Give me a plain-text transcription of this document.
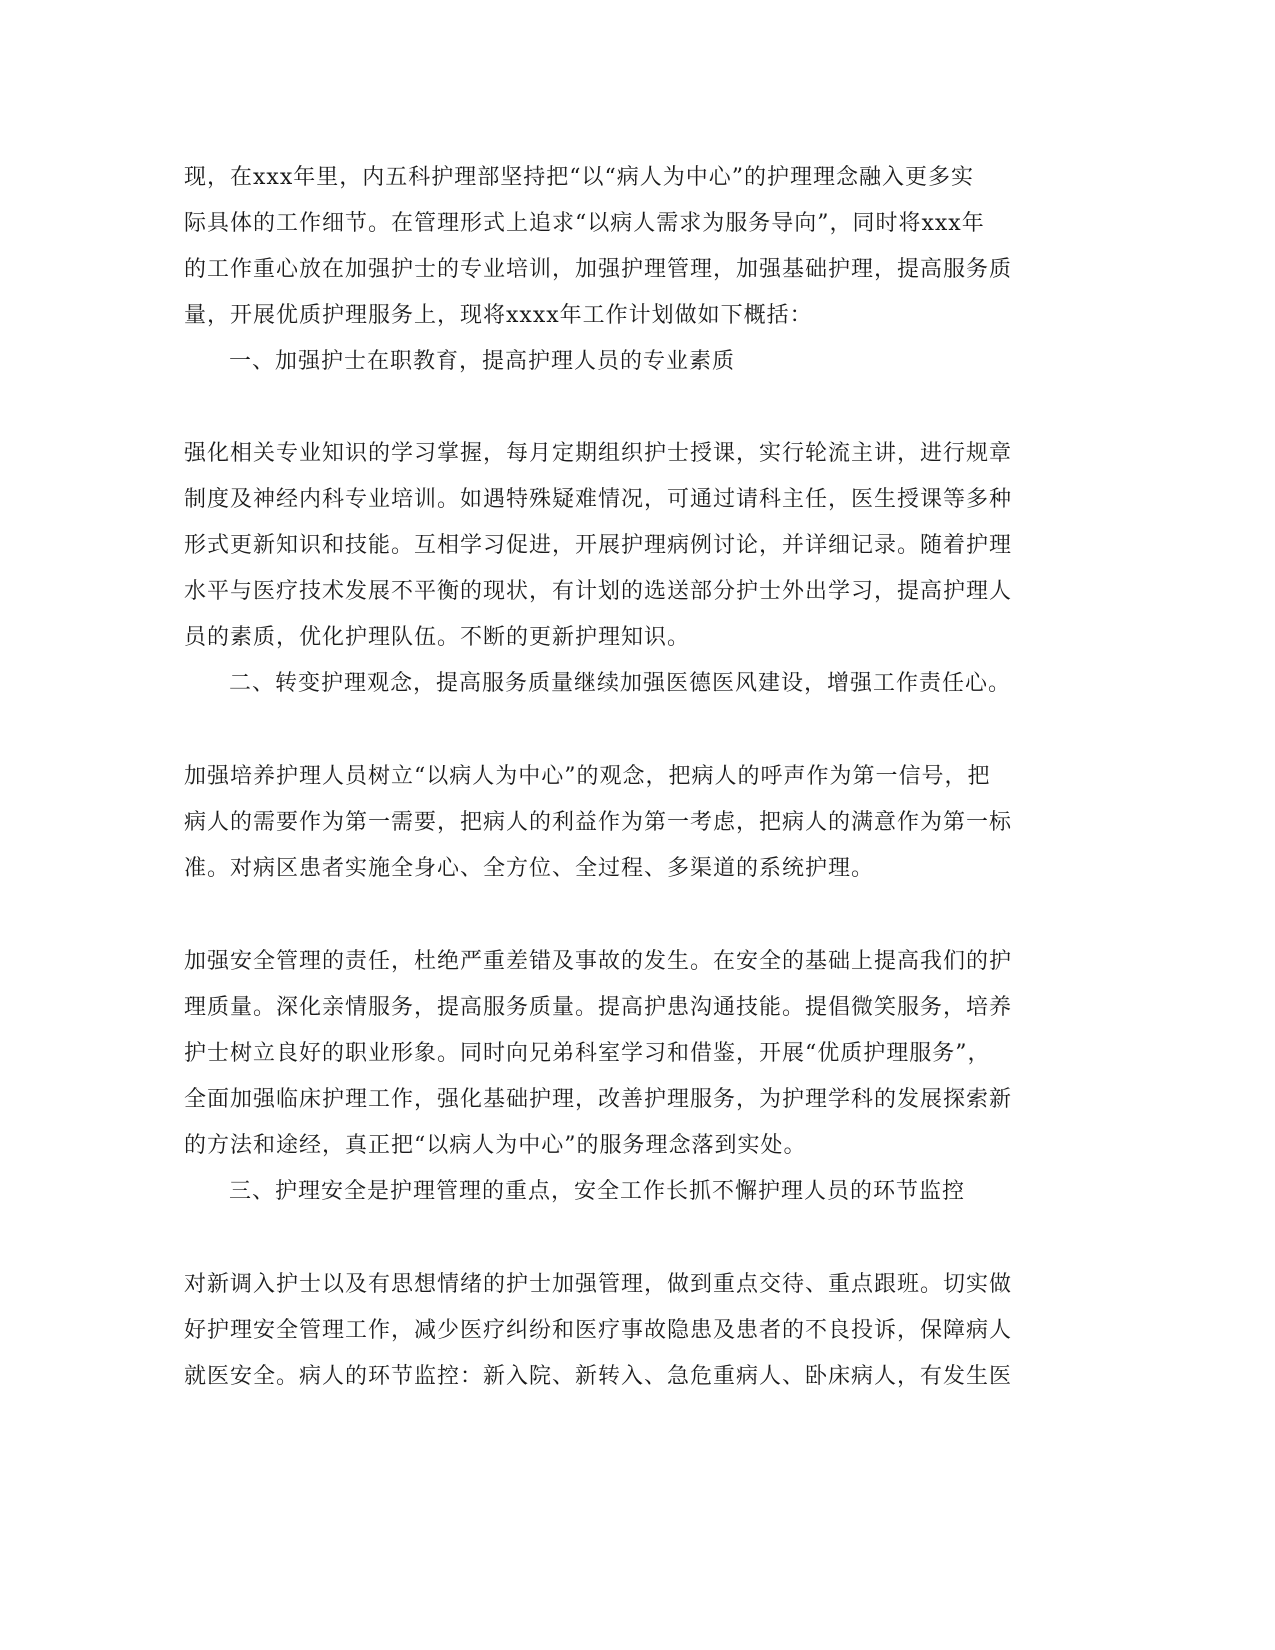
现，在xxx年里，内五科护理部坚持把“以“病人为中心”的护理理念融入更多实
际具体的工作细节。在管理形式上追求“以病人需求为服务导向”，同时将xxx年
的工作重心放在加强护士的专业培训，加强护理管理，加强基础护理，提高服务质
量，开展优质护理服务上，现将xxxx年工作计划做如下概括：
一、加强护士在职教育，提高护理人员的专业素质
强化相关专业知识的学习掌握，每月定期组织护士授课，实行轮流主讲，进行规章
制度及神经内科专业培训。如遇特殊疑难情况，可通过请科主任，医生授课等多种
形式更新知识和技能。互相学习促进，开展护理病例讨论，并详细记录。随着护理
水平与医疗技术发展不平衡的现状，有计划的选送部分护士外出学习，提高护理人
员的素质，优化护理队伍。不断的更新护理知识。
二、转变护理观念，提高服务质量继续加强医德医风建设，增强工作责任心。
加强培养护理人员树立“以病人为中心”的观念，把病人的呼声作为第一信号，把
病人的需要作为第一需要，把病人的利益作为第一考虑，把病人的满意作为第一标
准。对病区患者实施全身心、全方位、全过程、多渠道的系统护理。
加强安全管理的责任，杜绝严重差错及事故的发生。在安全的基础上提高我们的护
理质量。深化亲情服务，提高服务质量。提高护患沟通技能。提倡微笑服务，培养
护士树立良好的职业形象。同时向兄弟科室学习和借鉴，开展“优质护理服务”，
全面加强临床护理工作，强化基础护理，改善护理服务，为护理学科的发展探索新
的方法和途经，真正把“以病人为中心”的服务理念落到实处。
三、护理安全是护理管理的重点，安全工作长抓不懈护理人员的环节监控
对新调入护士以及有思想情绪的护士加强管理，做到重点交待、重点跟班。切实做
好护理安全管理工作，减少医疗纠纷和医疗事故隐患及患者的不良投诉，保障病人
就医安全。病人的环节监控：新入院、新转入、急危重病人、卧床病人，有发生医
